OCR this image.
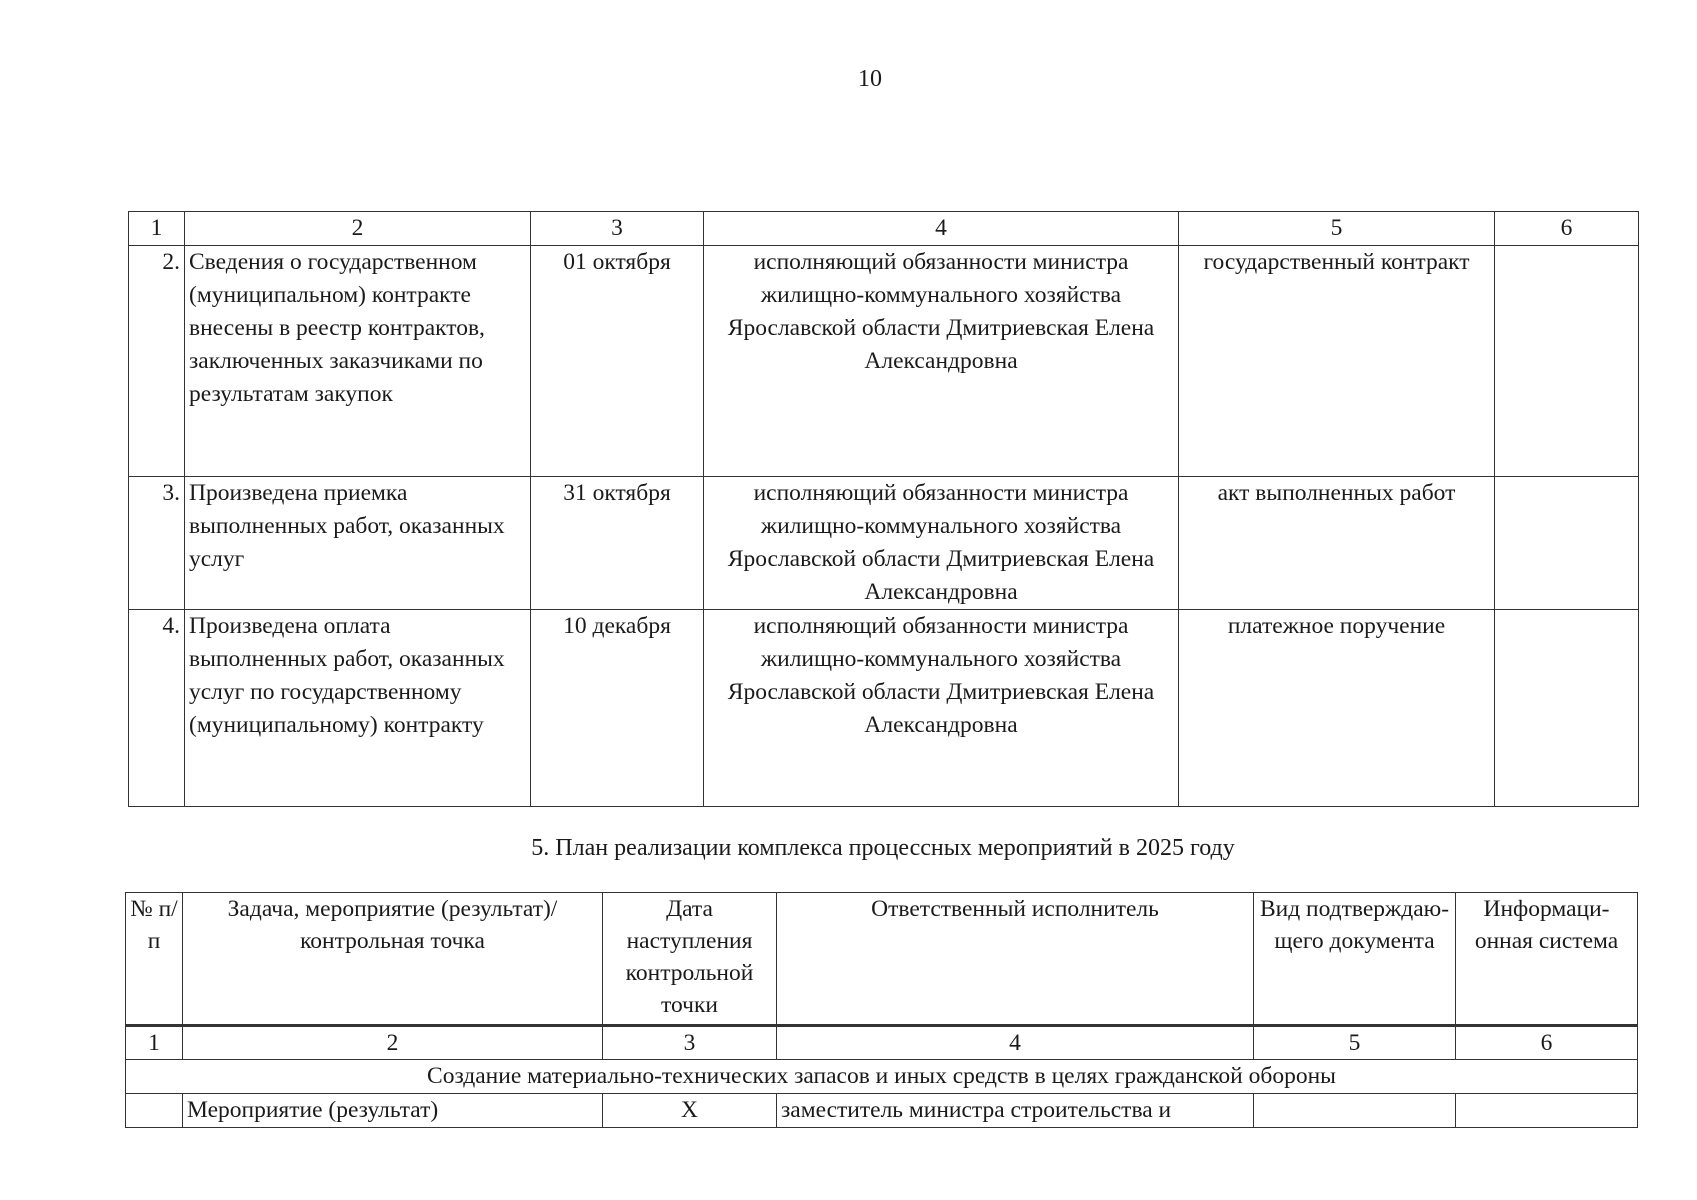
10
1	2	3	4	5	6
2.	Сведения о государственном (муниципальном) контракте внесены в реестр контрактов, заключенных заказчиками по результатам закупок	01 октября	исполняющий обязанности министра жилищно-коммунального хозяйства Ярославской области Дмитриевская Елена Александровна	государственный контракт	
3.	Произведена приемка выполненных работ, оказанных услуг	31 октября	исполняющий обязанности министра жилищно-коммунального хозяйства Ярославской области Дмитриевская Елена Александровна	акт выполненных работ	
4.	Произведена оплата выполненных работ, оказанных услуг по государственному (муниципальному) контракту	10 декабря	исполняющий обязанности министра жилищно-коммунального хозяйства Ярославской области Дмитриевская Елена Александровна	платежное поручение	
5. План реализации комплекса процессных мероприятий в 2025 году
№ п/п	Задача, мероприятие (результат)/ контрольная точка	Дата наступления контрольной точки	Ответственный исполнитель	Вид подтверждаю-щего документа	Информаци-онная система
1	2	3	4	5	6
Создание материально-технических запасов и иных средств в целях гражданской обороны					
	Мероприятие (результат)	Х	заместитель министра строительства и		
